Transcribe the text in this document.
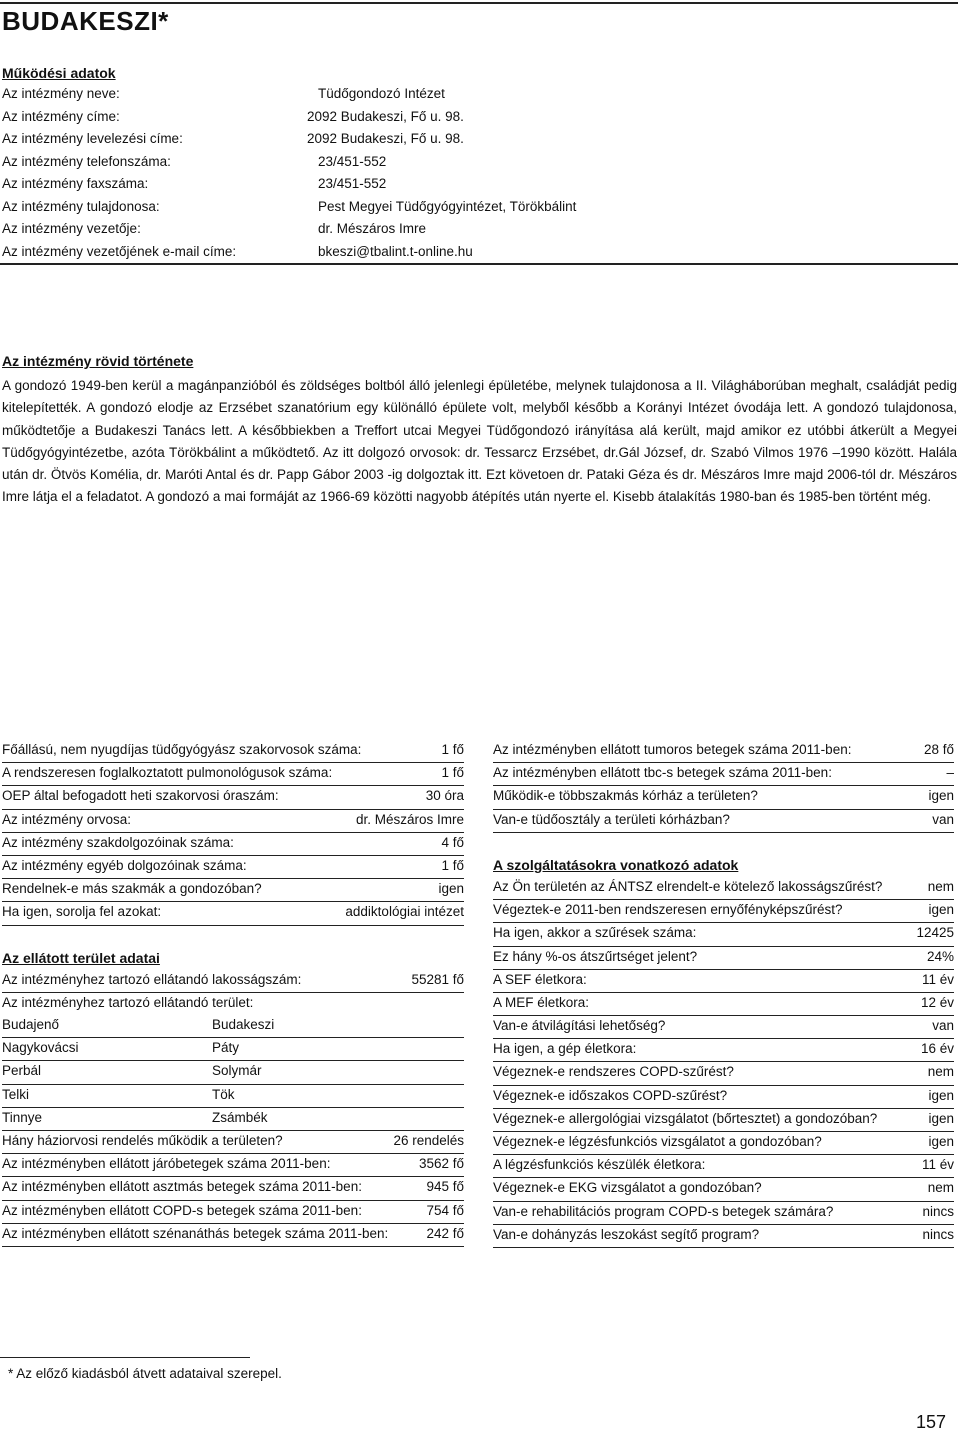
BUDAKESZI*
Működési adatok
Az intézmény neve:	Tüdőgondozó Intézet
Az intézmény címe:	2092 Budakeszi, Fő u. 98.
Az intézmény levelezési címe:	2092 Budakeszi, Fő u. 98.
Az intézmény telefonszáma:	23/451-552
Az intézmény faxszáma:	23/451-552
Az intézmény tulajdonosa:	Pest Megyei Tüdőgyógyintézet, Törökbálint
Az intézmény vezetője:	dr. Mészáros Imre
Az intézmény vezetőjének e-mail címe:	bkeszi@tbalint.t-online.hu
Az intézmény rövid története
A gondozó 1949-ben kerül a magánpanzióból és zöldséges boltból álló jelenlegi épületébe, melynek tulajdonosa a II. Világháborúban meghalt, családját pedig kitelepítették. A gondozó elodje az Erzsébet szanatórium egy különálló épülete volt, melyből később a Korányi Intézet óvodája lett. A gondozó tulajdonosa, működtetője a Budakeszi Tanács lett. A későbbiekben a Treffort utcai Megyei Tüdőgondozó irányítása alá került, majd amikor ez utóbbi átkerült a Megyei Tüdőgyógyintézetbe, azóta Törökbálint a működtető. Az itt dolgozó orvosok: dr. Tessarcz Erzsébet, dr.Gál József, dr. Szabó Vilmos 1976 –1990 között. Halála után dr. Ötvös Komélia, dr. Maróti Antal és dr. Papp Gábor 2003 -ig dolgoztak itt. Ezt követoen dr. Pataki Géza és dr. Mészáros Imre majd 2006-tól dr. Mészáros Imre látja el a feladatot. A gondozó a mai formáját az 1966-69 közötti nagyobb átépítés után nyerte el. Kisebb átalakítás 1980-ban és 1985-ben történt még.
Főállású, nem nyugdíjas tüdőgyógyász szakorvosok száma:	1 fő
A rendszeresen foglalkoztatott pulmonológusok száma:	1 fő
OEP által befogadott heti szakorvosi óraszám:	30 óra
Az intézmény orvosa:	dr. Mészáros Imre
Az intézmény szakdolgozóinak száma:	4 fő
Az intézmény egyéb dolgozóinak száma:	1 fő
Rendelnek-e más szakmák a gondozóban?	igen
Ha igen, sorolja fel azokat:	addiktológiai intézet
Az ellátott terület adatai
Az intézményhez tartozó ellátandó lakosságszám:	55281 fő
Az intézményhez tartozó ellátandó terület:
Budajenő	Budakeszi
Nagykovácsi	Páty
Perbál	Solymár
Telki	Tök
Tinnye	Zsámbék
Hány háziorvosi rendelés működik a területen?	26 rendelés
Az intézményben ellátott járóbetegek száma 2011-ben:	3562 fő
Az intézményben ellátott asztmás betegek száma 2011-ben:	945 fő
Az intézményben ellátott COPD-s betegek száma 2011-ben:	754 fő
Az intézményben ellátott szénanáthás betegek száma 2011-ben:	242 fő
Az intézményben ellátott tumoros betegek száma 2011-ben:	28 fő
Az intézményben ellátott tbc-s betegek száma 2011-ben:	–
Működik-e többszakmás kórház a területen?	igen
Van-e tüdőosztály a területi kórházban?	van
A szolgáltatásokra vonatkozó adatok
Az Ön területén az ÁNTSZ elrendelt-e kötelező lakosságszűrést?	nem
Végeztek-e 2011-ben rendszeresen ernyőfényképszűrést?	igen
Ha igen, akkor a szűrések száma:	12425
Ez hány %-os átszűrtséget jelent?	24%
A SEF életkora:	11 év
A MEF életkora:	12 év
Van-e átvilágítási lehetőség?	van
Ha igen, a gép életkora:	16 év
Végeznek-e rendszeres COPD-szűrést?	nem
Végeznek-e időszakos COPD-szűrést?	igen
Végeznek-e allergológiai vizsgálatot (bőrtesztet) a gondozóban?	igen
Végeznek-e légzésfunkciós vizsgálatot a gondozóban?	igen
A légzésfunkciós készülék életkora:	11 év
Végeznek-e EKG vizsgálatot a gondozóban?	nem
Van-e rehabilitációs program COPD-s betegek számára?	nincs
Van-e dohányzás leszokást segítő program?	nincs
* Az előző kiadásból átvett adataival szerepel.
157
